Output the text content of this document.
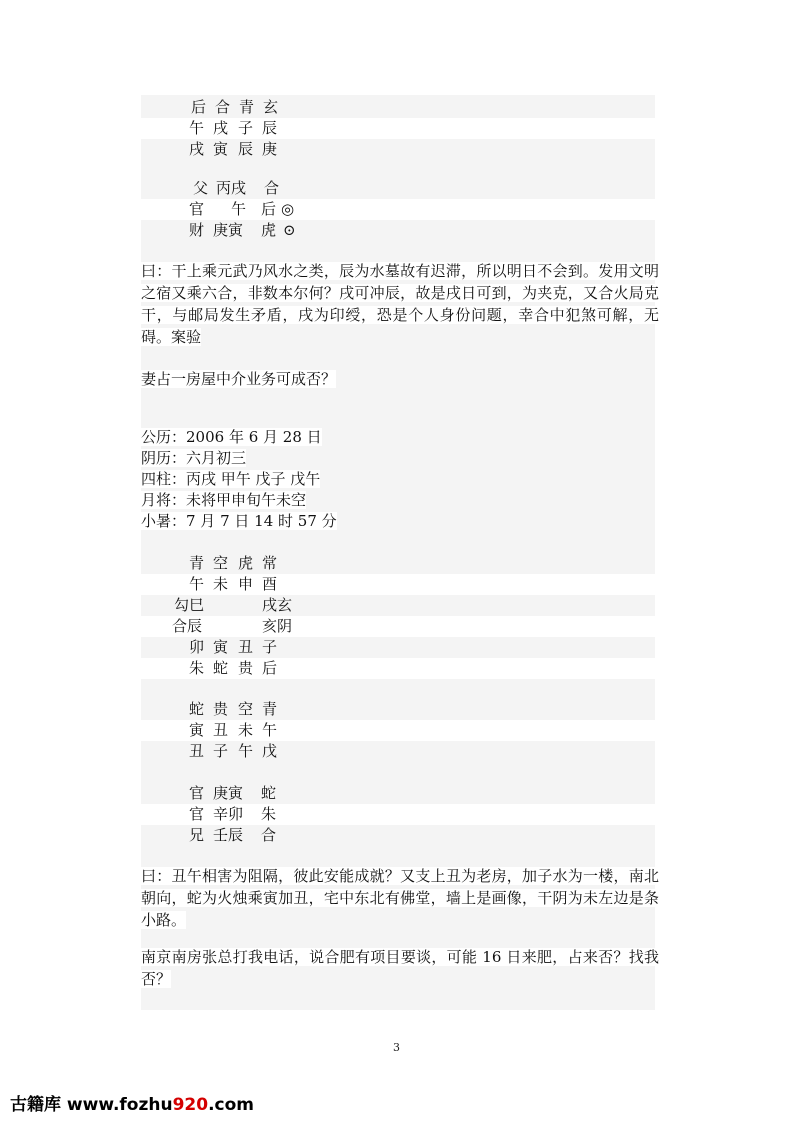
后 合 青 玄
午 戌 子 辰
戌 寅 辰 庚
父 丙戌 合
官 午 后 ◎
财 庚寅 虎 ⊙

曰：干上乘元武乃风水之类，辰为水墓故有迟滞，所以明日不会到。发用文明之宿又乘六合，非数本尔何？戌可冲辰，故是戌日可到，为夹克，又合火局克干，与邮局发生矛盾，戌为印绶，恐是个人身份问题，幸合中犯煞可解，无碍。案验

妻占一房屋中介业务可成否？

公历：2006 年 6 月 28 日
阴历：六月初三
四柱：丙戌 甲午 戊子 戊午
月将：未将甲申旬午未空
小暑：7 月 7 日 14 时 57 分
青 空 虎 常
午 未 申 酉
勾巳	戌玄
合辰	亥阴
卯 寅 丑 子
朱 蛇 贵 后
蛇 贵 空 青
寅 丑 未 午
丑 子 午 戊
官 庚寅 蛇
官 辛卯 朱
兄 壬辰 合

曰：丑午相害为阻隔，彼此安能成就？又支上丑为老房，加子水为一楼，南北朝向，蛇为火烛乘寅加丑，宅中东北有佛堂，墙上是画像，干阴为未左边是条小路。

南京南房张总打我电话，说合肥有项目要谈，可能 16 日来肥，占来否？找我否？

3
古籍库 www.fozhu920.com
